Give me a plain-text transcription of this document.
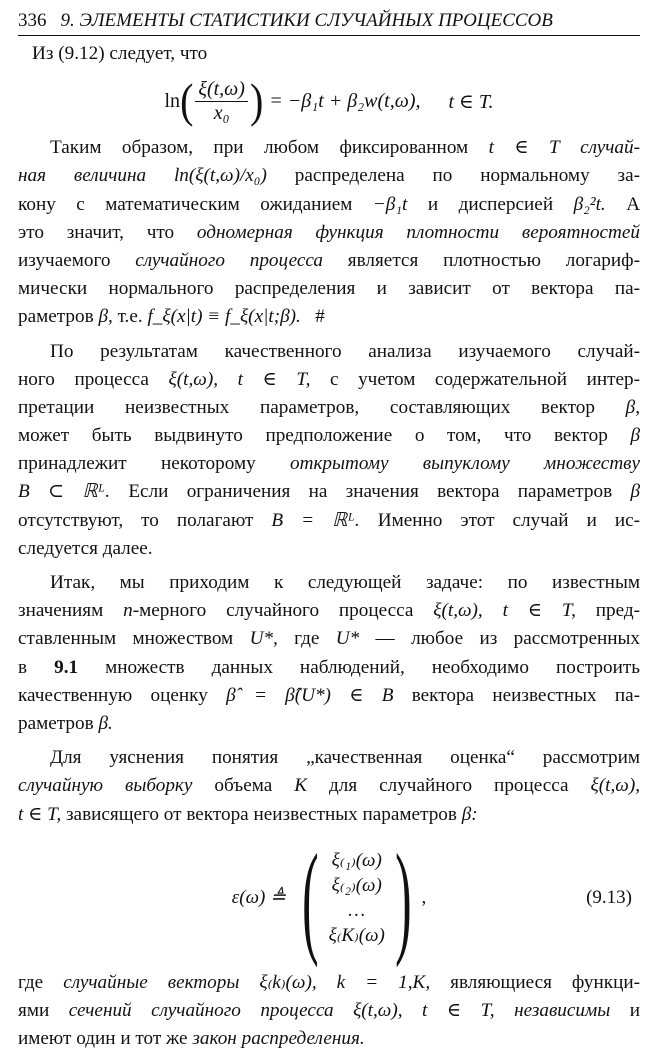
336 9. ЭЛЕМЕНТЫ СТАТИСТИКИ СЛУЧАЙНЫХ ПРОЦЕССОВ
Из (9.12) следует, что
ln ( $\frac{\xi(t,\omega)}{\text{x₀}}$ ) = −β₁t + β₂w(t,ω), t ∈ T.
Таким образом, при любом фиксированном t ∈ T случай-
ная величина ln(ξ(t,ω)/x₀) распределена по нормальному за-
кону с математическим ожиданием −β₁t и дисперсией β₂²t. А
это значит, что одномерная функция плотности вероятностей
изучаемого случайного процесса является плотностью логариф-
мически нормального распределения и зависит от вектора па-
раметров β, т.е. f_ξ(x|t) ≡ f_ξ(x|t;β). #
По результатам качественного анализа изучаемого случай-
ного процесса ξ(t,ω), t ∈ T, с учетом содержательной интер-
претации неизвестных параметров, составляющих вектор β,
может быть выдвинуто предположение о том, что вектор β
принадлежит некоторому открытому выпуклому множеству
B ⊂ ℝᴸ. Если ограничения на значения вектора параметров β
отсутствуют, то полагают B = ℝᴸ. Именно этот случай и ис-
следуется далее.
Итак, мы приходим к следующей задаче: по известным
значениям n-мерного случайного процесса ξ(t,ω), t ∈ T, пред-
ставленным множеством U*, где U* — любое из рассмотренных
в 9.1 множеств данных наблюдений, необходимо построить
качественную оценку β̂ = β̂(U*) ∈ B вектора неизвестных па-
раметров β.
Для уяснения понятия „качественная оценка“ рассмотрим
случайную выборку объема K для случайного процесса ξ(t,ω),
t ∈ T, зависящего от вектора неизвестных параметров β:
ε(ω) ≜ ( ξ₍₁₎(ω)
ξ₍₂₎(ω)
…
ξ₍K₎(ω) ) ,	(9.13)
где случайные векторы ξ₍k₎(ω), k = 1,K, являющиеся функци-
ями сечений случайного процесса ξ(t,ω), t ∈ T, независимы и
имеют один и тот же закон распределения.
